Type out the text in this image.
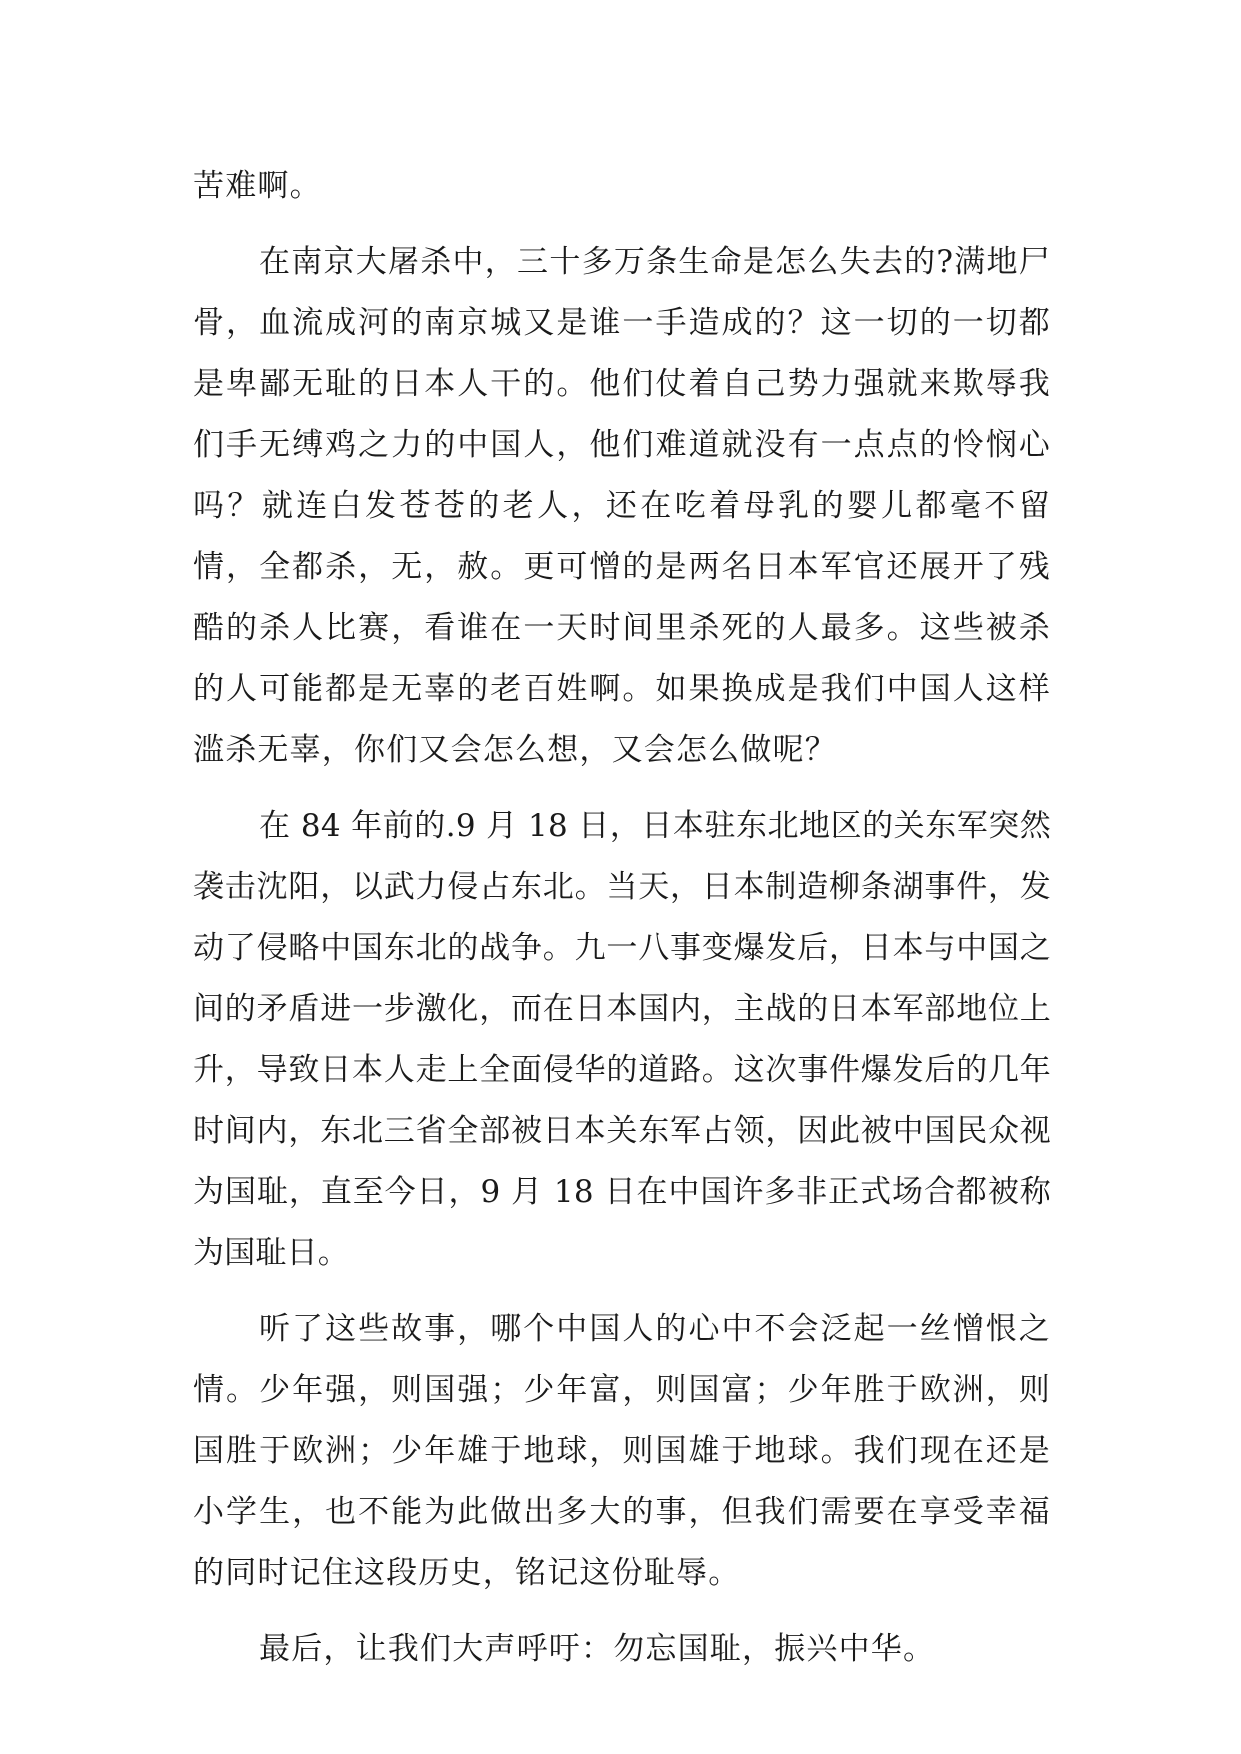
苦难啊。

在南京大屠杀中，三十多万条生命是怎么失去的?满地尸骨，血流成河的南京城又是谁一手造成的？这一切的一切都是卑鄙无耻的日本人干的。他们仗着自己势力强就来欺辱我们手无缚鸡之力的中国人，他们难道就没有一点点的怜悯心吗？就连白发苍苍的老人，还在吃着母乳的婴儿都毫不留情，全都杀，无，赦。更可憎的是两名日本军官还展开了残酷的杀人比赛，看谁在一天时间里杀死的人最多。这些被杀的人可能都是无辜的老百姓啊。如果换成是我们中国人这样滥杀无辜，你们又会怎么想，又会怎么做呢？

在 84 年前的.9 月 18 日，日本驻东北地区的关东军突然袭击沈阳，以武力侵占东北。当天，日本制造柳条湖事件，发动了侵略中国东北的战争。九一八事变爆发后，日本与中国之间的矛盾进一步激化，而在日本国内，主战的日本军部地位上升，导致日本人走上全面侵华的道路。这次事件爆发后的几年时间内，东北三省全部被日本关东军占领，因此被中国民众视为国耻，直至今日，9 月 18 日在中国许多非正式场合都被称为国耻日。

听了这些故事，哪个中国人的心中不会泛起一丝憎恨之情。少年强，则国强；少年富，则国富；少年胜于欧洲，则国胜于欧洲；少年雄于地球，则国雄于地球。我们现在还是小学生，也不能为此做出多大的事，但我们需要在享受幸福的同时记住这段历史，铭记这份耻辱。

最后，让我们大声呼吁：勿忘国耻，振兴中华。
